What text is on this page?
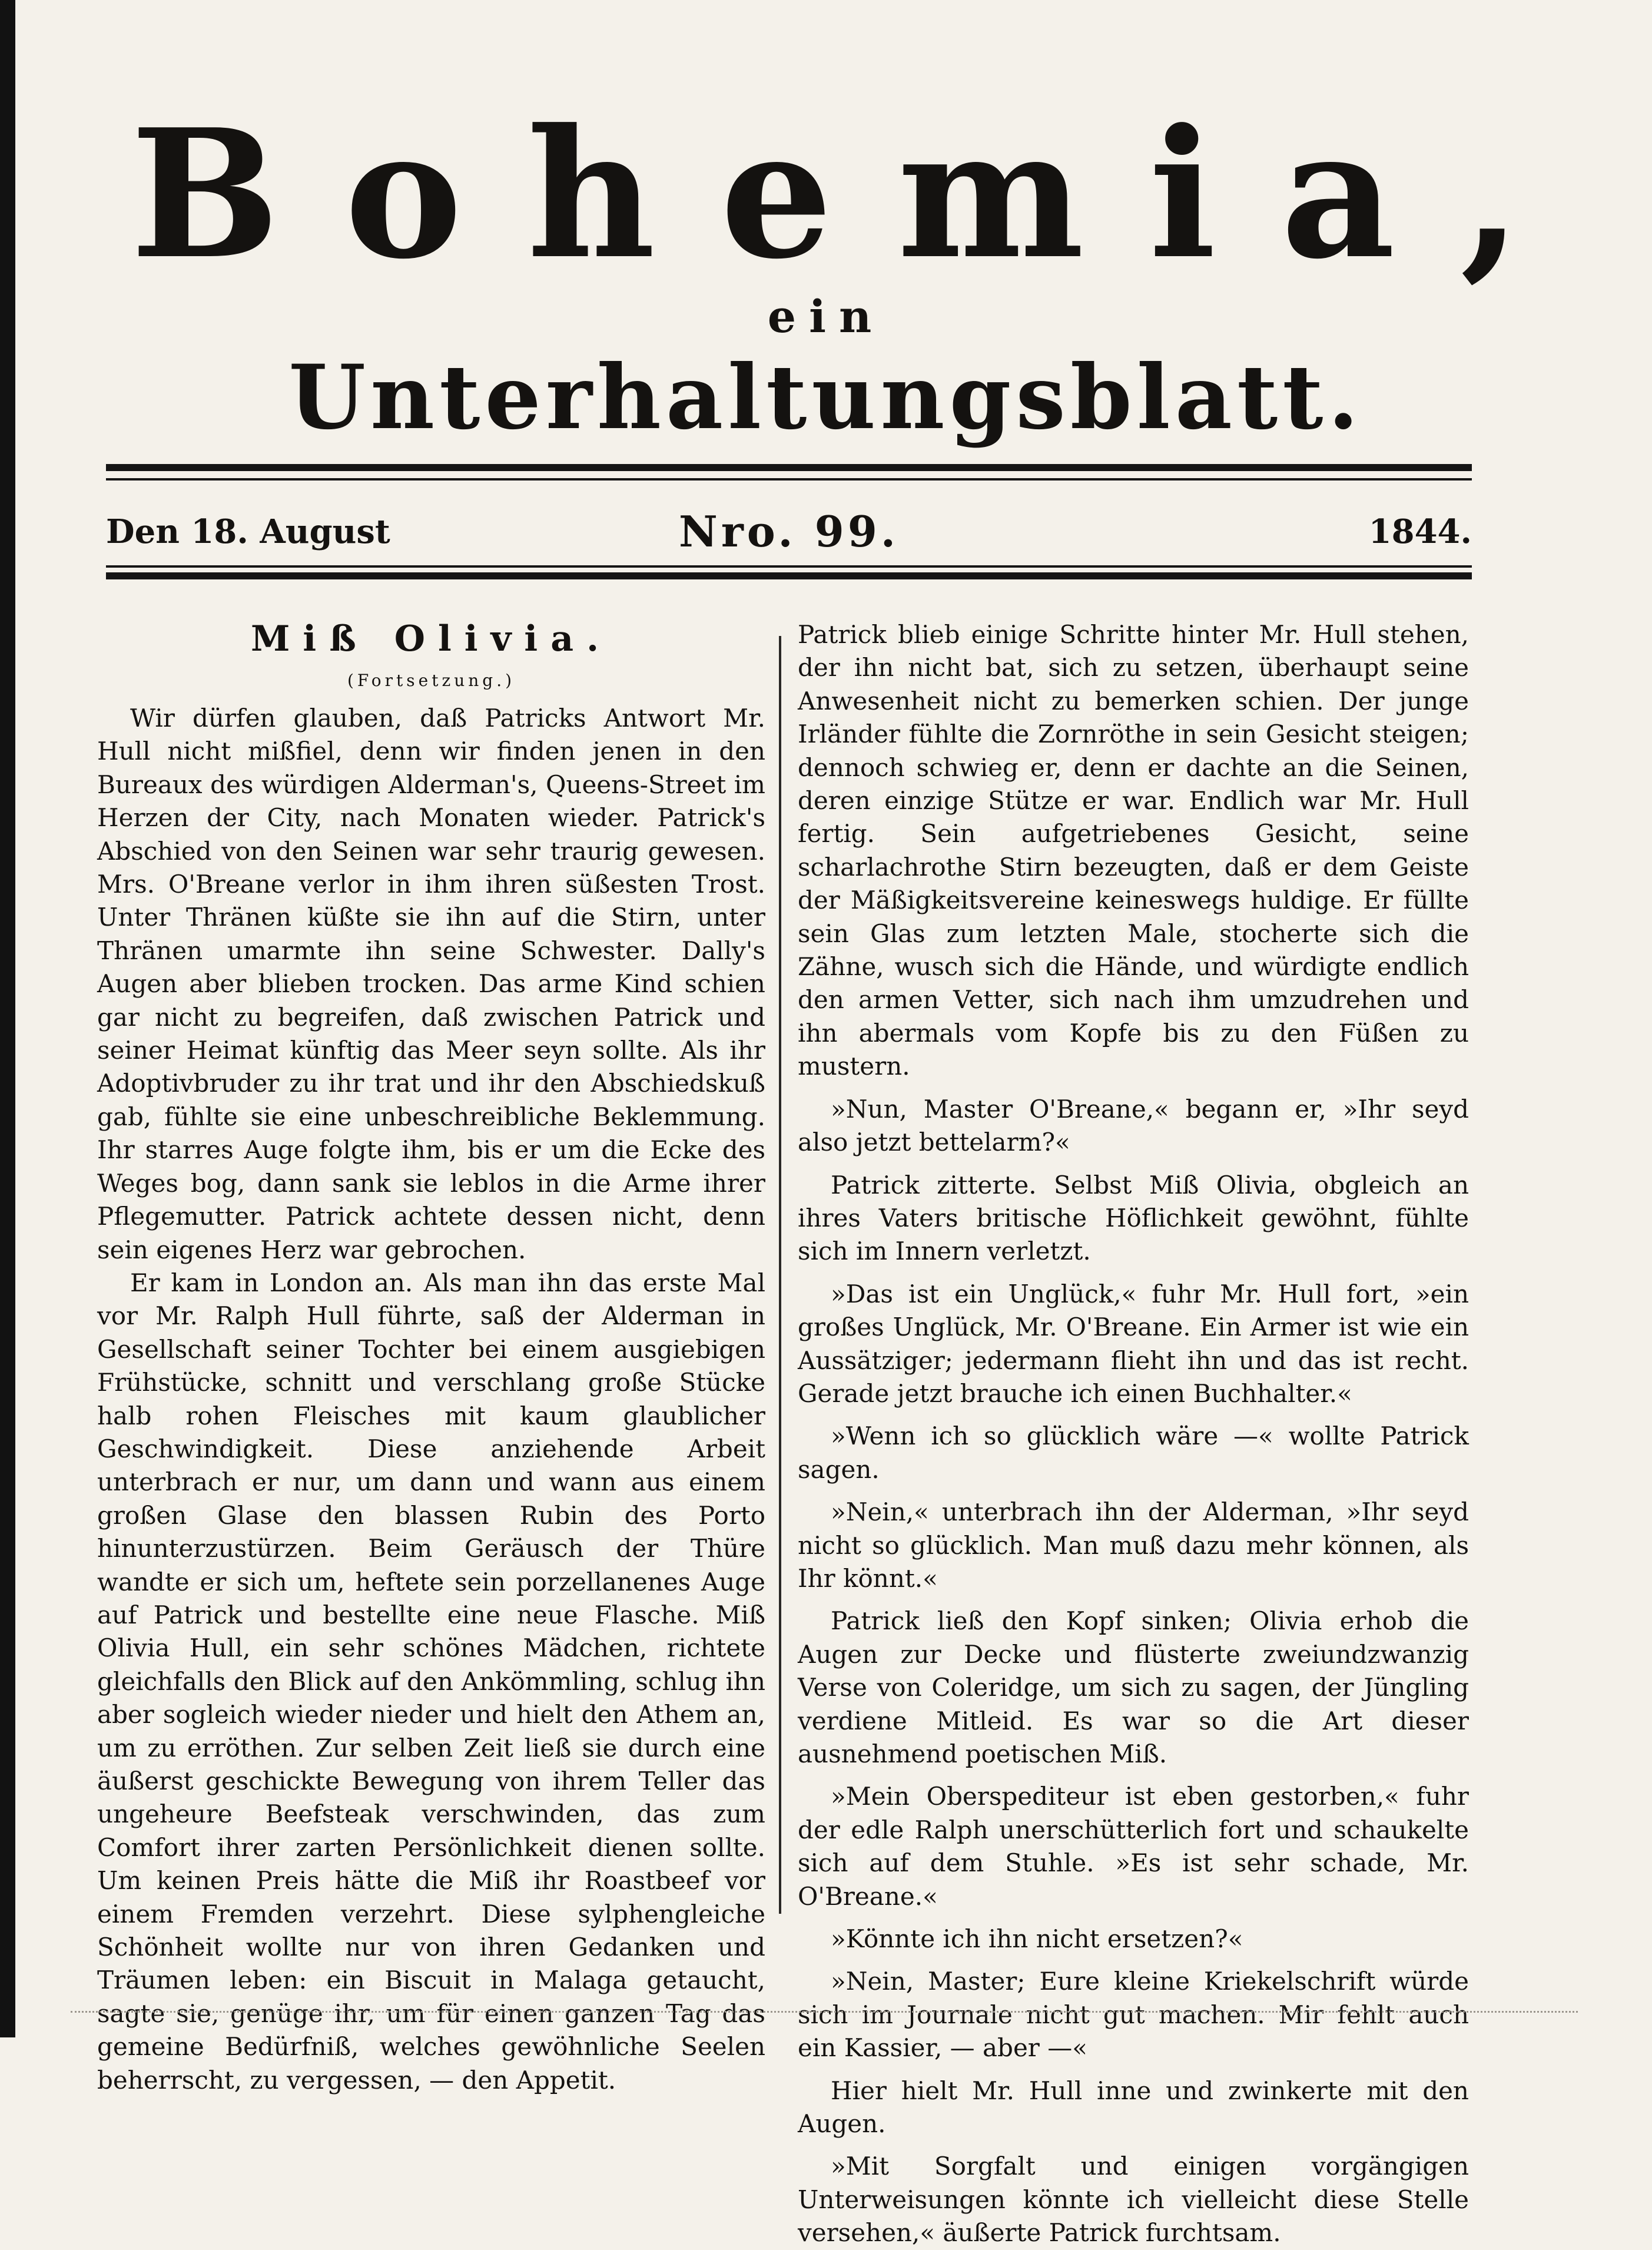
Bohemia,
ein
Unterhaltungsblatt.
Den 18. August	Nro. 99.	1844.
Miß Olivia.
(Fortsetzung.)

Wir dürfen glauben, daß Patricks Antwort Mr. Hull nicht mißfiel, denn wir finden jenen in den Bureaux des würdigen Alderman's, Queens-Street im Herzen der City, nach Monaten wieder. Patrick's Abschied von den Seinen war sehr traurig gewesen. Mrs. O'Breane verlor in ihm ihren süßesten Trost. Unter Thränen küßte sie ihn auf die Stirn, unter Thränen umarmte ihn seine Schwester. Dally's Augen aber blieben trocken. Das arme Kind schien gar nicht zu begreifen, daß zwischen Patrick und seiner Heimat künftig das Meer seyn sollte. Als ihr Adoptivbruder zu ihr trat und ihr den Abschiedskuß gab, fühlte sie eine unbeschreibliche Beklemmung. Ihr starres Auge folgte ihm, bis er um die Ecke des Weges bog, dann sank sie leblos in die Arme ihrer Pflegemutter. Patrick achtete dessen nicht, denn sein eigenes Herz war gebrochen.

Er kam in London an. Als man ihn das erste Mal vor Mr. Ralph Hull führte, saß der Alderman in Gesellschaft seiner Tochter bei einem ausgiebigen Frühstücke, schnitt und verschlang große Stücke halb rohen Fleisches mit kaum glaublicher Geschwindigkeit. Diese anziehende Arbeit unterbrach er nur, um dann und wann aus einem großen Glase den blassen Rubin des Porto hinunterzustürzen. Beim Geräusch der Thüre wandte er sich um, heftete sein porzellanenes Auge auf Patrick und bestellte eine neue Flasche. Miß Olivia Hull, ein sehr schönes Mädchen, richtete gleichfalls den Blick auf den Ankömmling, schlug ihn aber sogleich wieder nieder und hielt den Athem an, um zu erröthen. Zur selben Zeit ließ sie durch eine äußerst geschickte Bewegung von ihrem Teller das ungeheure Beefsteak verschwinden, das zum Comfort ihrer zarten Persönlichkeit dienen sollte. Um keinen Preis hätte die Miß ihr Roastbeef vor einem Fremden verzehrt. Diese sylphengleiche Schönheit wollte nur von ihren Gedanken und Träumen leben: ein Biscuit in Malaga getaucht, sagte sie, genüge ihr, um für einen ganzen Tag das gemeine Bedürfniß, welches gewöhnliche Seelen beherrscht, zu vergessen, — den Appetit.

Patrick blieb einige Schritte hinter Mr. Hull stehen, der ihn nicht bat, sich zu setzen, überhaupt seine Anwesenheit nicht zu bemerken schien. Der junge Irländer fühlte die Zornröthe in sein Gesicht steigen; dennoch schwieg er, denn er dachte an die Seinen, deren einzige Stütze er war. Endlich war Mr. Hull fertig. Sein aufgetriebenes Gesicht, seine scharlachrothe Stirn bezeugten, daß er dem Geiste der Mäßigkeitsvereine keineswegs huldige. Er füllte sein Glas zum letzten Male, stocherte sich die Zähne, wusch sich die Hände, und würdigte endlich den armen Vetter, sich nach ihm umzudrehen und ihn abermals vom Kopfe bis zu den Füßen zu mustern.

»Nun, Master O'Breane,« begann er, »Ihr seyd also jetzt bettelarm?«

Patrick zitterte. Selbst Miß Olivia, obgleich an ihres Vaters britische Höflichkeit gewöhnt, fühlte sich im Innern verletzt.

»Das ist ein Unglück,« fuhr Mr. Hull fort, »ein großes Unglück, Mr. O'Breane. Ein Armer ist wie ein Aussätziger; jedermann flieht ihn und das ist recht. Gerade jetzt brauche ich einen Buchhalter.«

»Wenn ich so glücklich wäre —« wollte Patrick sagen.

»Nein,« unterbrach ihn der Alderman, »Ihr seyd nicht so glücklich. Man muß dazu mehr können, als Ihr könnt.«

Patrick ließ den Kopf sinken; Olivia erhob die Augen zur Decke und flüsterte zweiundzwanzig Verse von Coleridge, um sich zu sagen, der Jüngling verdiene Mitleid. Es war so die Art dieser ausnehmend poetischen Miß.

»Mein Oberspediteur ist eben gestorben,« fuhr der edle Ralph unerschütterlich fort und schaukelte sich auf dem Stuhle. »Es ist sehr schade, Mr. O'Breane.«

»Könnte ich ihn nicht ersetzen?«

»Nein, Master; Eure kleine Kriekelschrift würde sich im Journale nicht gut machen. Mir fehlt auch ein Kassier, — aber —«

Hier hielt Mr. Hull inne und zwinkerte mit den Augen.

»Mit Sorgfalt und einigen vorgängigen Unterweisungen könnte ich vielleicht diese Stelle versehen,« äußerte Patrick furchtsam.
